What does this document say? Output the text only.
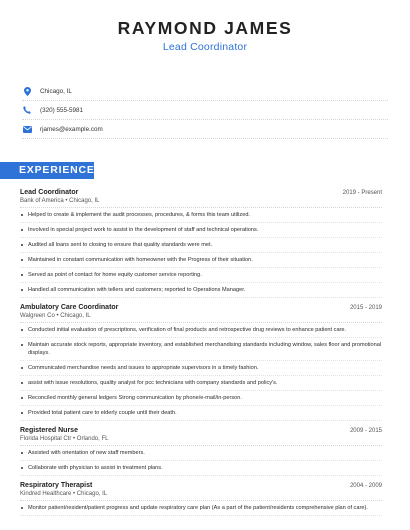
RAYMOND JAMES
Lead Coordinator
Chicago, IL
(320) 555-5981
rjames@example.com
EXPERIENCE
Lead Coordinator	2019 - Present
Bank of America • Chicago, IL
Helped to create & implement the audit processes, procedures, & forms this team utilized.
Involved in special project work to assist in the development of staff and technical operations.
Audited all loans sent to closing to ensure that quality standards were met.
Maintained in constant communication with homeowner with the Progress of their situation.
Served as point of contact for home equity customer service reporting.
Handled all communication with tellers and customers; reported to Operations Manager.
Ambulatory Care Coordinator	2015 - 2019
Walgreen Co • Chicago, IL
Conducted initial evaluation of prescriptions, verification of final products and retrospective drug reviews to enhance patient care.
Maintain accurate stock reports, appropriate inventory, and established merchandising standards including window, sales floor and promotional displays.
Communicated merchandise needs and issues to appropriate supervisors in a timely fashion.
assist with issue resolutions, quality analyst for pcc technicians with company standards and policy's.
Reconciled monthly general ledgers Strong communication by phone/e-mail/in-person.
Provided total patient care to elderly couple until their death.
Registered Nurse	2009 - 2015
Florida Hospital Ctr • Orlando, FL
Assisted with orientation of new staff members.
Collaborate with physician to assist in treatment plans.
Respiratory Therapist	2004 - 2009
Kindred Healthcare • Chicago, IL
Monitor patient/resident/patient progress and update respiratory care plan (As a part of the patient/residents comprehensive plan of care).
